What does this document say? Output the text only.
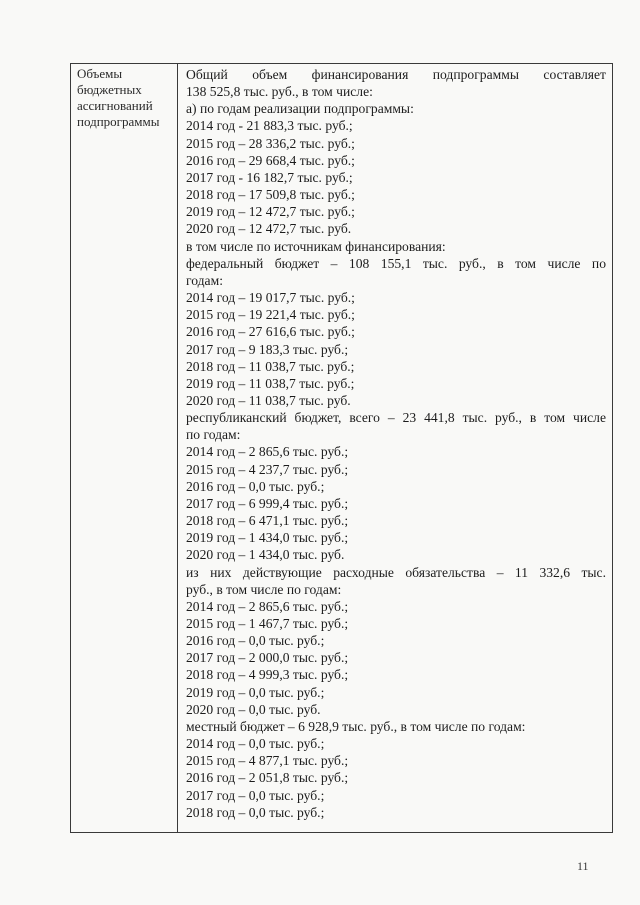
Объемы
бюджетных
ассигнований
подпрограммы
Общий объем финансирования подпрограммы составляет
138 525,8 тыс. руб., в том числе:
а) по годам реализации подпрограммы:
2014 год - 21 883,3 тыс. руб.;
2015 год – 28 336,2 тыс. руб.;
2016 год – 29 668,4 тыс. руб.;
2017 год - 16 182,7 тыс. руб.;
2018 год – 17 509,8 тыс. руб.;
2019 год – 12 472,7 тыс. руб.;
2020 год – 12 472,7 тыс. руб.
в том числе по источникам финансирования:
федеральный бюджет – 108 155,1 тыс. руб., в том числе по
годам:
2014 год – 19 017,7 тыс. руб.;
2015 год – 19 221,4 тыс. руб.;
2016 год – 27 616,6 тыс. руб.;
2017 год – 9 183,3 тыс. руб.;
2018 год – 11 038,7 тыс. руб.;
2019 год – 11 038,7 тыс. руб.;
2020 год – 11 038,7 тыс. руб.
республиканский бюджет, всего – 23 441,8 тыс. руб., в том числе
по годам:
2014 год – 2 865,6 тыс. руб.;
2015 год – 4 237,7 тыс. руб.;
2016 год – 0,0 тыс. руб.;
2017 год – 6 999,4 тыс. руб.;
2018 год – 6 471,1 тыс. руб.;
2019 год – 1 434,0 тыс. руб.;
2020 год – 1 434,0 тыс. руб.
из них действующие расходные обязательства – 11 332,6 тыс.
руб., в том числе по годам:
2014 год – 2 865,6 тыс. руб.;
2015 год – 1 467,7 тыс. руб.;
2016 год – 0,0 тыс. руб.;
2017 год – 2 000,0 тыс. руб.;
2018 год – 4 999,3 тыс. руб.;
2019 год – 0,0 тыс. руб.;
2020 год – 0,0 тыс. руб.
местный бюджет – 6 928,9 тыс. руб., в том числе по годам:
2014 год – 0,0 тыс. руб.;
2015 год – 4 877,1 тыс. руб.;
2016 год – 2 051,8 тыс. руб.;
2017 год – 0,0 тыс. руб.;
2018 год – 0,0 тыс. руб.;
11
